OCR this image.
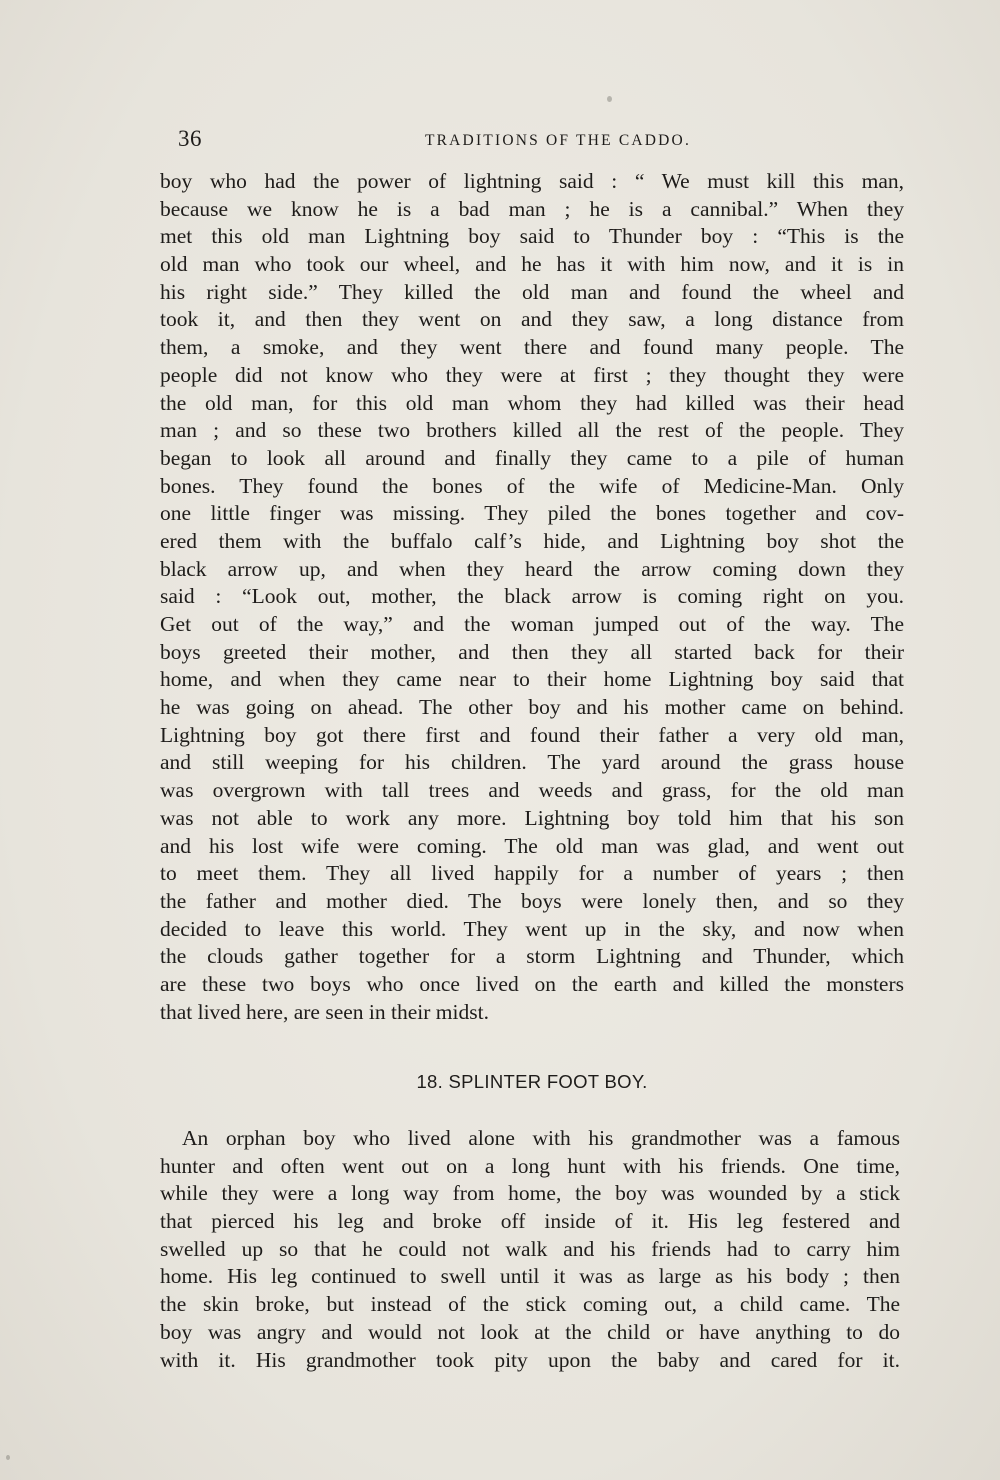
36	TRADITIONS OF THE CADDO.
boy who had the power of lightning said : “ We must kill this man,
because we know he is a bad man ; he is a cannibal.” When they
met this old man Lightning boy said to Thunder boy : “This is the
old man who took our wheel, and he has it with him now, and it is in
his right side.” They killed the old man and found the wheel and
took it, and then they went on and they saw, a long distance from
them, a smoke, and they went there and found many people. The
people did not know who they were at first ; they thought they were
the old man, for this old man whom they had killed was their head
man ; and so these two brothers killed all the rest of the people. They
began to look all around and finally they came to a pile of human
bones. They found the bones of the wife of Medicine-Man. Only
one little finger was missing. They piled the bones together and cov-
ered them with the buffalo calf’s hide, and Lightning boy shot the
black arrow up, and when they heard the arrow coming down they
said : “Look out, mother, the black arrow is coming right on you.
Get out of the way,” and the woman jumped out of the way. The
boys greeted their mother, and then they all started back for their
home, and when they came near to their home Lightning boy said that
he was going on ahead. The other boy and his mother came on behind.
Lightning boy got there first and found their father a very old man,
and still weeping for his children. The yard around the grass house
was overgrown with tall trees and weeds and grass, for the old man
was not able to work any more. Lightning boy told him that his son
and his lost wife were coming. The old man was glad, and went out
to meet them. They all lived happily for a number of years ; then
the father and mother died. The boys were lonely then, and so they
decided to leave this world. They went up in the sky, and now when
the clouds gather together for a storm Lightning and Thunder, which
are these two boys who once lived on the earth and killed the monsters
that lived here, are seen in their midst.
18. SPLINTER FOOT BOY.
An orphan boy who lived alone with his grandmother was a famous
hunter and often went out on a long hunt with his friends. One time,
while they were a long way from home, the boy was wounded by a stick
that pierced his leg and broke off inside of it. His leg festered and
swelled up so that he could not walk and his friends had to carry him
home. His leg continued to swell until it was as large as his body ; then
the skin broke, but instead of the stick coming out, a child came. The
boy was angry and would not look at the child or have anything to do
with it. His grandmother took pity upon the baby and cared for it.
